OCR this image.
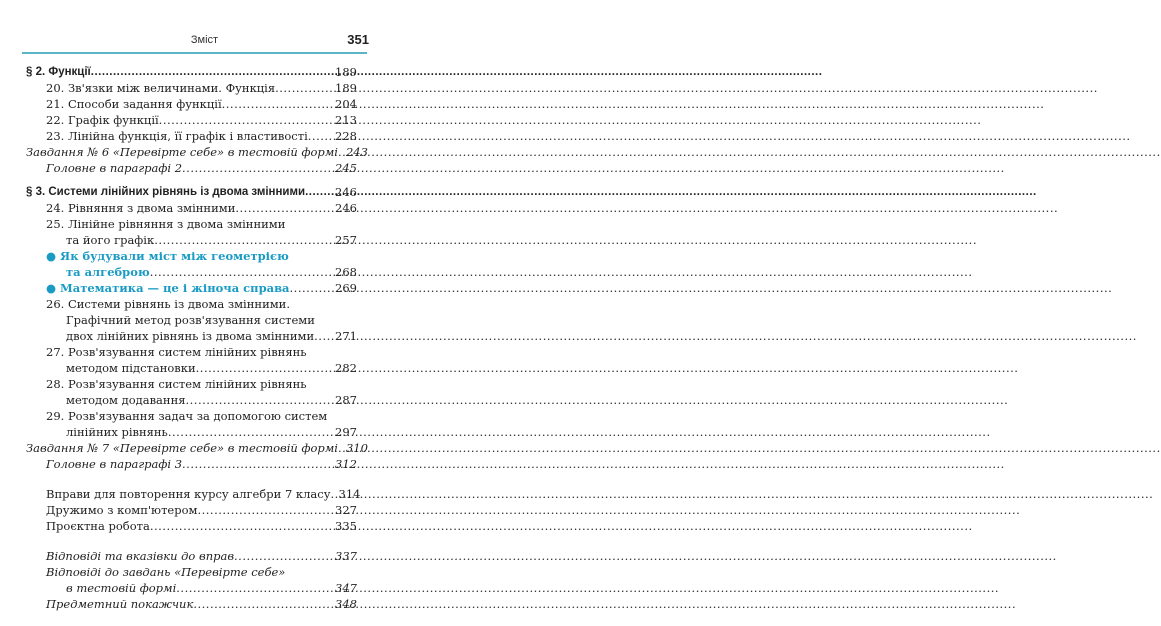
Зміст	351
§ 2. Функції .....	189
20. Зв'язки між величинами. Функція .....	189
21. Способи задання функції .....	204
22. Графік функції .....	213
23. Лінійна функція, її графік і властивості ..... 228
Завдання № 6 «Перевірте себе» в тестовій формі ..... 243
Головне в параграфі 2 .....	245
§ 3. Системи лінійних рівнянь із двома змінними .....	246
24. Рівняння з двома змінними .....	246
25. Лінійне рівняння з двома змінними
та його графік .....	257
● Як будували міст між геометрією
та алгеброю .....	268
● Математика — це і жіноча справа .....	269
26. Системи рівнянь із двома змінними.
Графічний метод розв'язування системи
двох лінійних рівнянь із двома змінними ..... 271
27. Розв'язування систем лінійних рівнянь
методом підстановки .....	282
28. Розв'язування систем лінійних рівнянь
методом додавання .....	287
29. Розв'язування задач за допомогою систем
лінійних рівнянь .....	297
Завдання № 7 «Перевірте себе» в тестовій формі ..... 310
Головне в параграфі 3 .....	312
Вправи для повторення курсу алгебри 7 класу ..... 314
Дружимо з комп'ютером .....	327
Проєктна робота .....	335
Відповіді та вказівки до вправ .....	337
Відповіді до завдань «Перевірте себе»
в тестовій формі .....	347
Предметний покажчик .....	348
